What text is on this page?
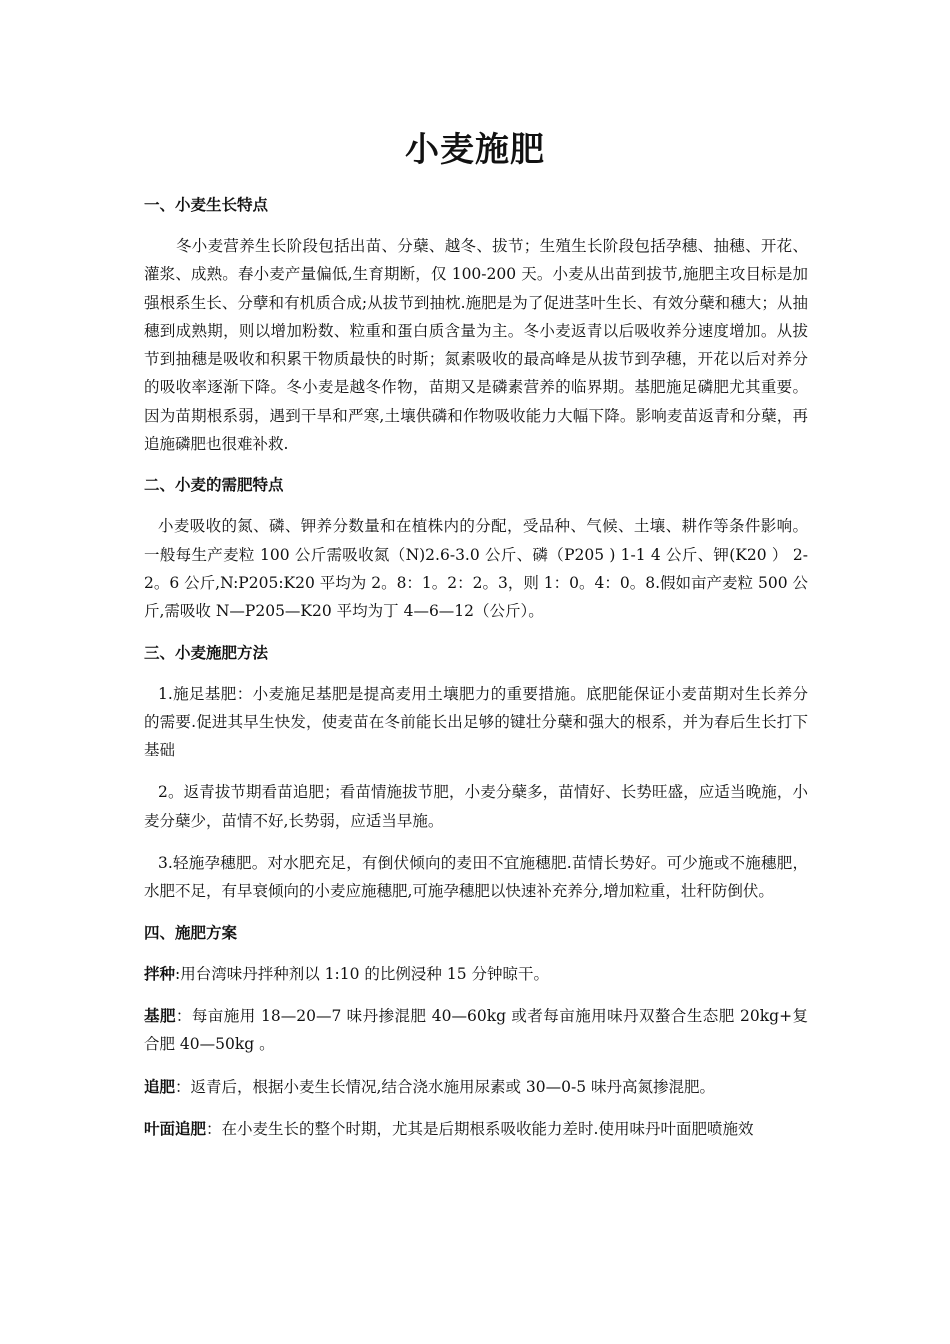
小麦施肥
一、小麦生长特点

冬小麦营养生长阶段包括出苗、分蘖、越冬、拔节；生殖生长阶段包括孕穗、抽穗、开花、灌浆、成熟。春小麦产量偏低,生育期断，仅 100-200 天。小麦从出苗到拔节,施肥主攻目标是加强根系生长、分孽和有机质合成;从拔节到抽枕.施肥是为了促进茎叶生长、有效分蘖和穗大；从抽穗到成熟期，则以增加粉数、粒重和蛋白质含量为主。冬小麦返青以后吸收养分速度增加。从拔节到抽穗是吸收和积累干物质最快的时斯；氮素吸收的最高峰是从拔节到孕穗，开花以后对养分的吸收率逐渐下降。冬小麦是越冬作物，苗期又是磷素营养的临界期。基肥施足磷肥尤其重要。因为苗期根系弱，遇到干旱和严寒,土壤供磷和作物吸收能力大幅下降。影响麦苗返青和分蘖，再追施磷肥也很难补救.

二、小麦的需肥特点

小麦吸收的氮、磷、钾养分数量和在植株内的分配，受品种、气候、土壤、耕作等条件影响。一般每生产麦粒 100 公斤需吸收氮（N)2.6-3.0 公斤、磷（P205 ) 1-1 4 公斤、钾(K20 ） 2-2。6 公斤,N:P205:K20 平均为 2。8：1。2：2。3，则 1：0。4：0。8.假如亩产麦粒 500 公斤,需吸收 N—P205—K20 平均为丁 4—6—12（公斤）。

三、小麦施肥方法

1.施足基肥：小麦施足基肥是提高麦用土壤肥力的重要措施。底肥能保证小麦苗期对生长养分的需要.促进其早生快发，使麦苗在冬前能长出足够的键壮分蘖和强大的根系，并为春后生长打下基础

2。返青拔节期看苗追肥；看苗情施拔节肥，小麦分蘖多，苗情好、长势旺盛，应适当晚施，小麦分蘖少，苗情不好,长势弱，应适当早施。

3.轻施孕穗肥。对水肥充足，有倒伏倾向的麦田不宜施穗肥.苗情长势好。可少施或不施穗肥，水肥不足，有早衰倾向的小麦应施穗肥,可施孕穗肥以快速补充养分,增加粒重，壮秆防倒伏。

四、施肥方案

拌种:用台湾味丹拌种剂以 1:10 的比例浸种 15 分钟晾干。

基肥：每亩施用 18—20—7 味丹掺混肥 40—60kg 或者每亩施用味丹双螯合生态肥 20kg+复合肥 40—50kg 。

追肥：返青后，根据小麦生长情况,结合浇水施用尿素或 30—0-5 味丹高氮掺混肥。

叶面追肥：在小麦生长的整个时期，尤其是后期根系吸收能力差时.使用味丹叶面肥喷施效
